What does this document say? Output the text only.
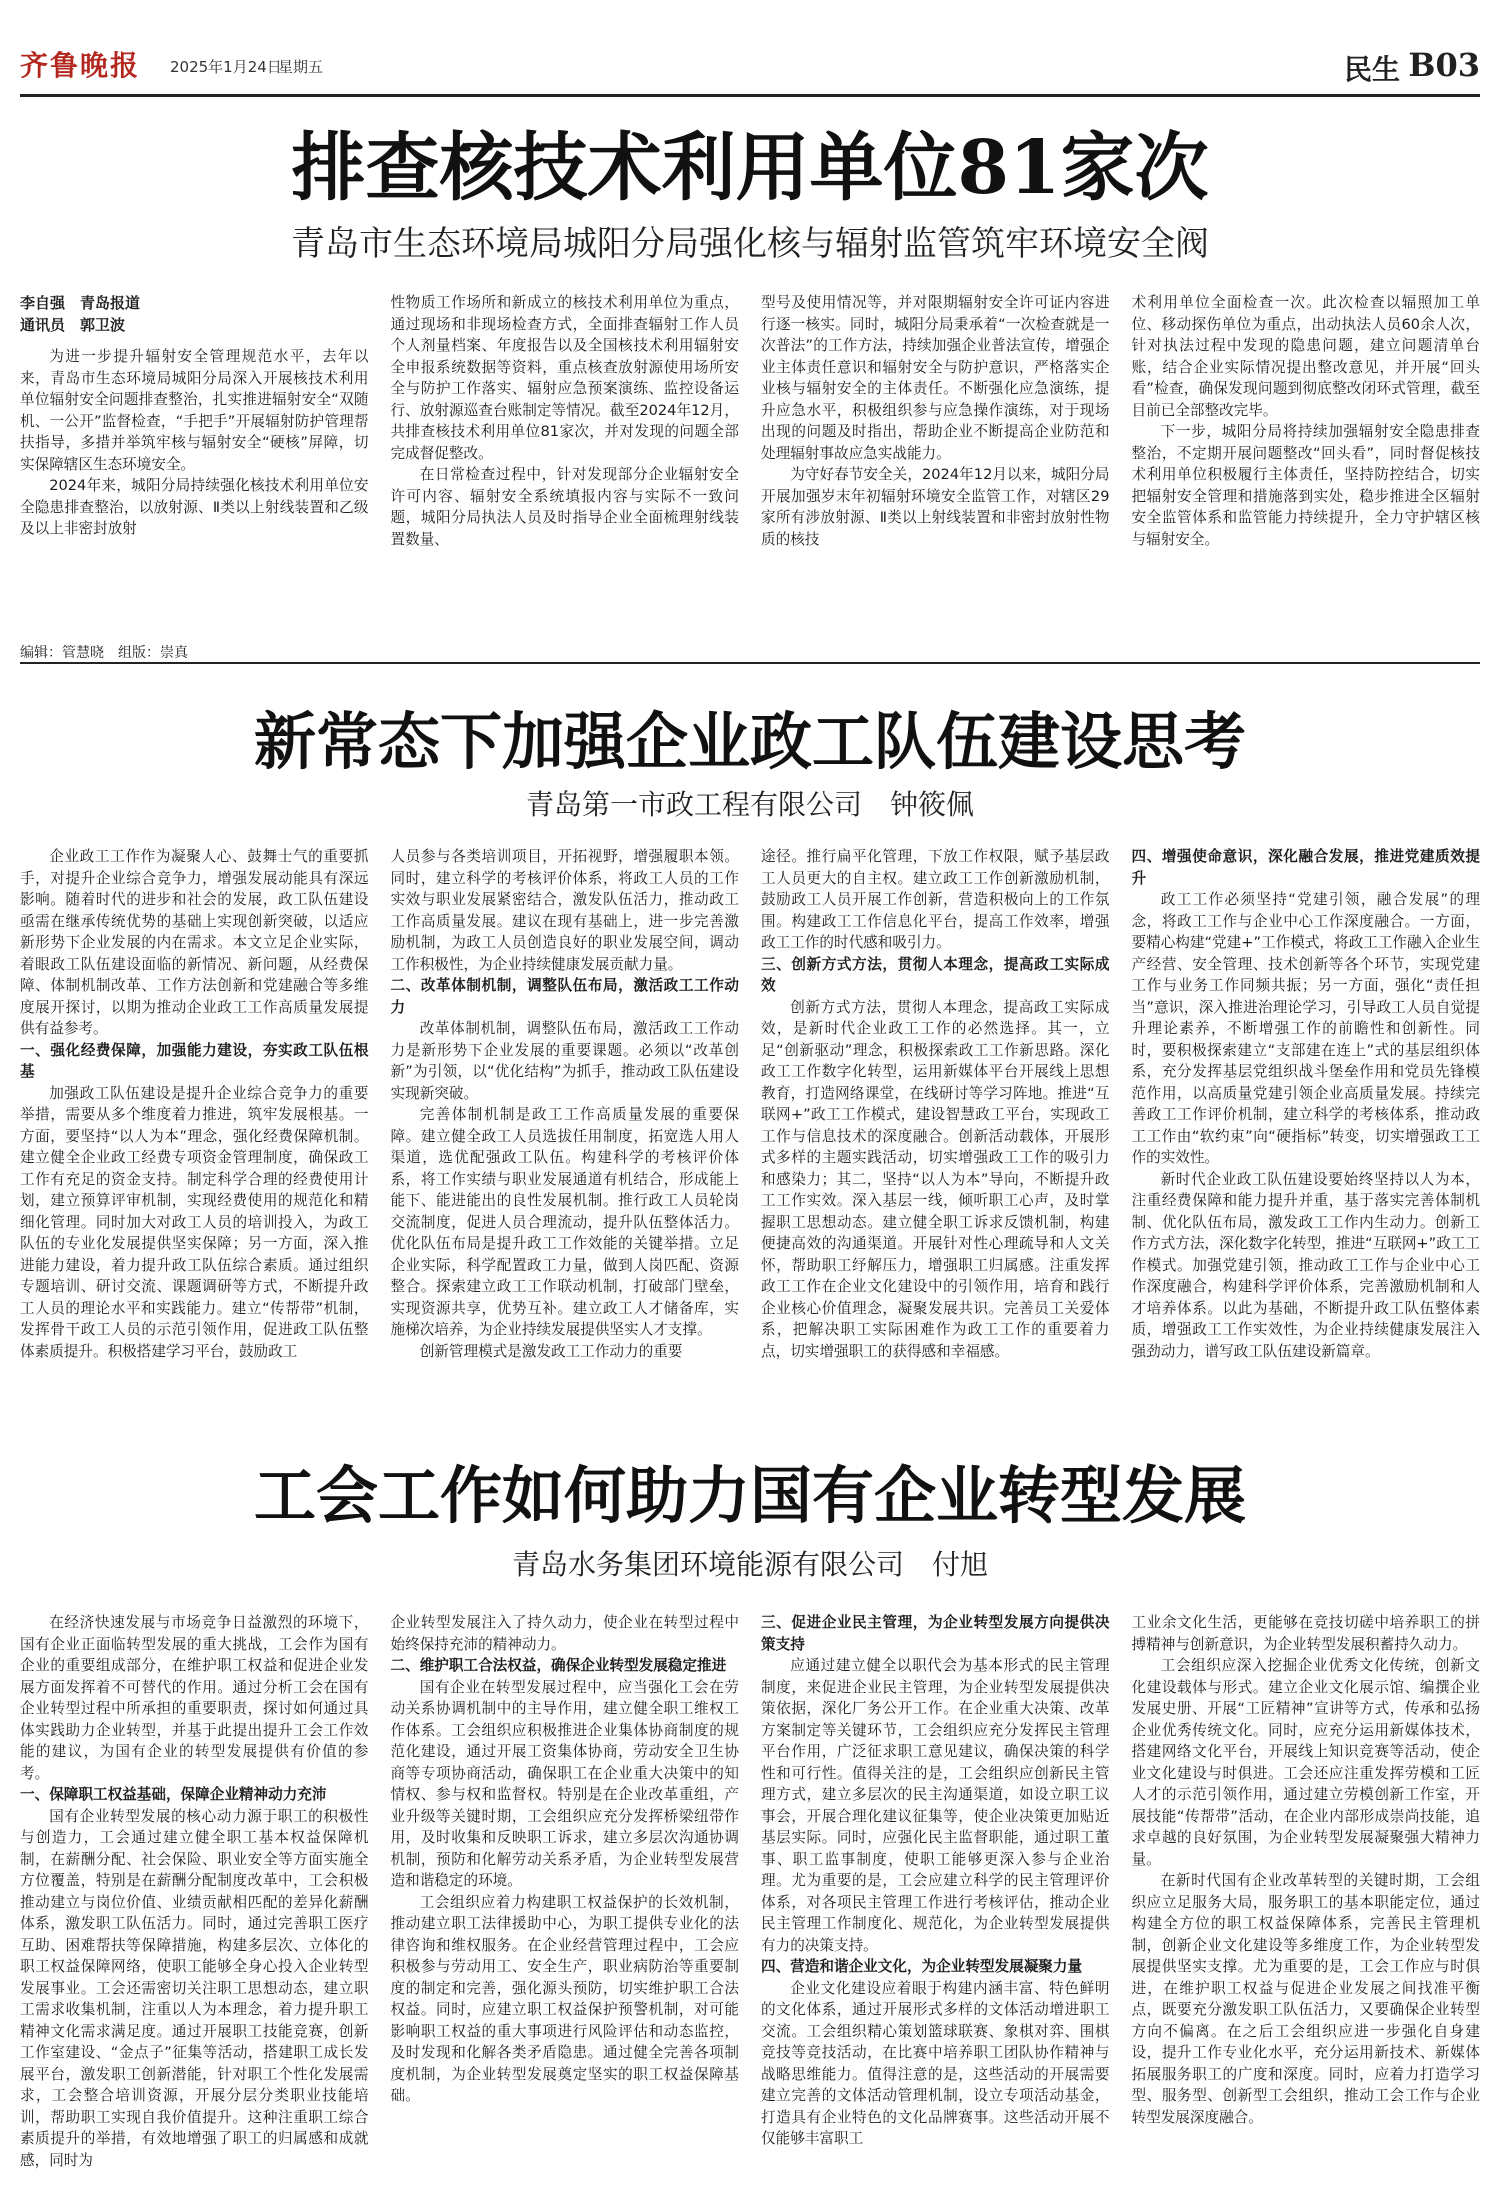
齐鲁晚报 2025年1月24日
星期五	民生 B03
排查核技术利用单位81家次
青岛市生态环境局城阳分局强化核与辐射监管筑牢环境安全阀
李自强　青岛报道
通讯员　郭卫波

为进一步提升辐射安全管理规范水平，去年以来，青岛市生态环境局城阳分局深入开展核技术利用单位辐射安全问题排查整治，扎实推进辐射安全“双随机、一公开”监督检查，“手把手”开展辐射防护管理帮扶指导，多措并举筑牢核与辐射安全“硬核”屏障，切实保障辖区生态环境安全。

2024年来，城阳分局持续强化核技术利用单位安全隐患排查整治，以放射源、Ⅱ类以上射线装置和乙级及以上非密封放射

性物质工作场所和新成立的核技术利用单位为重点，通过现场和非现场检查方式，全面排查辐射工作人员个人剂量档案、年度报告以及全国核技术利用辐射安全申报系统数据等资料，重点核查放射源使用场所安全与防护工作落实、辐射应急预案演练、监控设备运行、放射源巡查台账制定等情况。截至2024年12月，共排查核技术利用单位81家次，并对发现的问题全部完成督促整改。

在日常检查过程中，针对发现部分企业辐射安全许可内容、辐射安全系统填报内容与实际不一致问题，城阳分局执法人员及时指导企业全面梳理射线装置数量、

型号及使用情况等，并对限期辐射安全许可证内容进行逐一核实。同时，城阳分局秉承着“一次检查就是一次普法”的工作方法，持续加强企业普法宣传，增强企业主体责任意识和辐射安全与防护意识，严格落实企业核与辐射安全的主体责任。不断强化应急演练，提升应急水平，积极组织参与应急操作演练，对于现场出现的问题及时指出，帮助企业不断提高企业防范和处理辐射事故应急实战能力。

为守好春节安全关，2024年12月以来，城阳分局开展加强岁末年初辐射环境安全监管工作，对辖区29家所有涉放射源、Ⅱ类以上射线装置和非密封放射性物质的核技

术利用单位全面检查一次。此次检查以辐照加工单位、移动探伤单位为重点，出动执法人员60余人次，针对执法过程中发现的隐患问题，建立问题清单台账，结合企业实际情况提出整改意见，并开展“回头看”检查，确保发现问题到彻底整改闭环式管理，截至目前已全部整改完毕。

下一步，城阳分局将持续加强辐射安全隐患排查整治，不定期开展问题整改“回头看”，同时督促核技术利用单位积极履行主体责任，坚持防控结合，切实把辐射安全管理和措施落到实处，稳步推进全区辐射安全监管体系和监管能力持续提升，全力守护辖区核与辐射安全。

编辑：管慧晓　组版：崇真
新常态下加强企业政工队伍建设思考
青岛第一市政工程有限公司　钟筱佩

企业政工工作作为凝聚人心、鼓舞士气的重要抓手，对提升企业综合竞争力，增强发展动能具有深远影响。随着时代的进步和社会的发展，政工队伍建设亟需在继承传统优势的基础上实现创新突破，以适应新形势下企业发展的内在需求。本文立足企业实际，着眼政工队伍建设面临的新情况、新问题，从经费保障、体制机制改革、工作方法创新和党建融合等多维度展开探讨，以期为推动企业政工工作高质量发展提供有益参考。

一、强化经费保障，加强能力建设，夯实政工队伍根基

加强政工队伍建设是提升企业综合竞争力的重要举措，需要从多个维度着力推进，筑牢发展根基。一方面，要坚持“以人为本”理念，强化经费保障机制。建立健全企业政工经费专项资金管理制度，确保政工工作有充足的资金支持。制定科学合理的经费使用计划，建立预算评审机制，实现经费使用的规范化和精细化管理。同时加大对政工人员的培训投入，为政工队伍的专业化发展提供坚实保障；另一方面，深入推进能力建设，着力提升政工队伍综合素质。通过组织专题培训、研讨交流、课题调研等方式，不断提升政工人员的理论水平和实践能力。建立“传帮带”机制，发挥骨干政工人员的示范引领作用，促进政工队伍整体素质提升。积极搭建学习平台，鼓励政工

人员参与各类培训项目，开拓视野，增强履职本领。同时，建立科学的考核评价体系，将政工人员的工作实效与职业发展紧密结合，激发队伍活力，推动政工工作高质量发展。建议在现有基础上，进一步完善激励机制，为政工人员创造良好的职业发展空间，调动工作积极性，为企业持续健康发展贡献力量。

二、改革体制机制，调整队伍布局，激活政工工作动力

改革体制机制，调整队伍布局，激活政工工作动力是新形势下企业发展的重要课题。必须以“改革创新”为引领，以“优化结构”为抓手，推动政工队伍建设实现新突破。

完善体制机制是政工工作高质量发展的重要保障。建立健全政工人员选拔任用制度，拓宽选人用人渠道，选优配强政工队伍。构建科学的考核评价体系，将工作实绩与职业发展通道有机结合，形成能上能下、能进能出的良性发展机制。推行政工人员轮岗交流制度，促进人员合理流动，提升队伍整体活力。优化队伍布局是提升政工工作效能的关键举措。立足企业实际，科学配置政工力量，做到人岗匹配、资源整合。探索建立政工工作联动机制，打破部门壁垒，实现资源共享，优势互补。建立政工人才储备库，实施梯次培养，为企业持续发展提供坚实人才支撑。

创新管理模式是激发政工工作动力的重要

途径。推行扁平化管理，下放工作权限，赋予基层政工人员更大的自主权。建立政工工作创新激励机制，鼓励政工人员开展工作创新，营造积极向上的工作氛围。构建政工工作信息化平台，提高工作效率，增强政工工作的时代感和吸引力。

三、创新方式方法，贯彻人本理念，提高政工实际成效

创新方式方法，贯彻人本理念，提高政工实际成效，是新时代企业政工工作的必然选择。其一，立足“创新驱动”理念，积极探索政工工作新思路。深化政工工作数字化转型，运用新媒体平台开展线上思想教育，打造网络课堂，在线研讨等学习阵地。推进“互联网+”政工工作模式，建设智慧政工平台，实现政工工作与信息技术的深度融合。创新活动载体，开展形式多样的主题实践活动，切实增强政工工作的吸引力和感染力；其二，坚持“以人为本”导向，不断提升政工工作实效。深入基层一线，倾听职工心声，及时掌握职工思想动态。建立健全职工诉求反馈机制，构建便捷高效的沟通渠道。开展针对性心理疏导和人文关怀，帮助职工纾解压力，增强职工归属感。注重发挥政工工作在企业文化建设中的引领作用，培育和践行企业核心价值理念，凝聚发展共识。完善员工关爱体系，把解决职工实际困难作为政工工作的重要着力点，切实增强职工的获得感和幸福感。

四、增强使命意识，深化融合发展，推进党建质效提升

政工工作必须坚持“党建引领，融合发展”的理念，将政工工作与企业中心工作深度融合。一方面，要精心构建“党建+”工作模式，将政工工作融入企业生产经营、安全管理、技术创新等各个环节，实现党建工作与业务工作同频共振；另一方面，强化“责任担当”意识，深入推进治理论学习，引导政工人员自觉提升理论素养，不断增强工作的前瞻性和创新性。同时，要积极探索建立“支部建在连上”式的基层组织体系，充分发挥基层党组织战斗堡垒作用和党员先锋模范作用，以高质量党建引领企业高质量发展。持续完善政工工作评价机制，建立科学的考核体系，推动政工工作由“软约束”向“硬指标”转变，切实增强政工工作的实效性。

新时代企业政工队伍建设要始终坚持以人为本，注重经费保障和能力提升并重，基于落实完善体制机制、优化队伍布局，激发政工工作内生动力。创新工作方式方法，深化数字化转型，推进“互联网+”政工工作模式。加强党建引领，推动政工工作与企业中心工作深度融合，构建科学评价体系，完善激励机制和人才培养体系。以此为基础，不断提升政工队伍整体素质，增强政工工作实效性，为企业持续健康发展注入强劲动力，谱写政工队伍建设新篇章。

在经济快速发展与市场竞争日益激烈的环境下，国有企业正面临转型发展的重大挑战，工会作为国有企业的重要组成部分，在维护职工权益和促进企业发展方面发挥着不可替代的作用。通过分析工会在国有企业转型过程中所承担的重要职责，探讨如何通过具体实践助力企业转型，并基于此提出提升工会工作效能的建议，为国有企业的转型发展提供有价值的参考。

一、保障职工权益基础，保障企业精神动力充沛

国有企业转型发展的核心动力源于职工的积极性与创造力，工会通过建立健全职工基本权益保障机制，在薪酬分配、社会保险、职业安全等方面实施全方位覆盖，特别是在薪酬分配制度改革中，工会积极推动建立与岗位价值、业绩贡献相匹配的差异化薪酬体系，激发职工队伍活力。同时，通过完善职工医疗互助、困难帮扶等保障措施，构建多层次、立体化的职工权益保障网络，使职工能够全身心投入企业转型发展事业。工会还需密切关注职工思想动态，建立职工需求收集机制，注重以人为本理念，着力提升职工精神文化需求满足度。通过开展职工技能竞赛，创新工作室建设、“金点子”征集等活动，搭建职工成长发展平台，激发职工创新潜能，针对职工个性化发展需求，工会整合培训资源，开展分层分类职业技能培训，帮助职工实现自我价值提升。这种注重职工综合素质提升的举措，有效地增强了职工的归属感和成就感，同时为

企业转型发展注入了持久动力，使企业在转型过程中始终保持充沛的精神动力。

二、维护职工合法权益，确保企业转型发展稳定推进

国有企业在转型发展过程中，应当强化工会在劳动关系协调机制中的主导作用，建立健全职工维权工作体系。工会组织应积极推进企业集体协商制度的规范化建设，通过开展工资集体协商，劳动安全卫生协商等专项协商活动，确保职工在企业重大决策中的知情权、参与权和监督权。特别是在企业改革重组，产业升级等关键时期，工会组织应充分发挥桥梁纽带作用，及时收集和反映职工诉求，建立多层次沟通协调机制，预防和化解劳动关系矛盾，为企业转型发展营造和谐稳定的环境。

工会组织应着力构建职工权益保护的长效机制，推动建立职工法律援助中心，为职工提供专业化的法律咨询和维权服务。在企业经营管理过程中，工会应积极参与劳动用工、安全生产，职业病防治等重要制度的制定和完善，强化源头预防，切实维护职工合法权益。同时，应建立职工权益保护预警机制，对可能影响职工权益的重大事项进行风险评估和动态监控，及时发现和化解各类矛盾隐患。通过健全完善各项制度机制，为企业转型发展奠定坚实的职工权益保障基础。

三、促进企业民主管理，为企业转型发展方向提供决策支持

应通过建立健全以职代会为基本形式的民主管理制度，来促进企业民主管理，为企业转型发展提供决策依据，深化厂务公开工作。在企业重大决策、改革方案制定等关键环节，工会组织应充分发挥民主管理平台作用，广泛征求职工意见建议，确保决策的科学性和可行性。值得关注的是，工会组织应创新民主管理方式，建立多层次的民主沟通渠道，如设立职工议事会，开展合理化建议征集等，使企业决策更加贴近基层实际。同时，应强化民主监督职能，通过职工董事、职工监事制度，使职工能够更深入参与企业治理。尤为重要的是，工会应建立科学的民主管理评价体系，对各项民主管理工作进行考核评估，推动企业民主管理工作制度化、规范化，为企业转型发展提供有力的决策支持。

四、营造和谐企业文化，为企业转型发展凝聚力量

企业文化建设应着眼于构建内涵丰富、特色鲜明的文化体系，通过开展形式多样的文体活动增进职工交流。工会组织精心策划篮球联赛、象棋对弈、围棋竞技等竞技活动，在比赛中培养职工团队协作精神与战略思维能力。值得注意的是，这些活动的开展需要建立完善的文体活动管理机制，设立专项活动基金，打造具有企业特色的文化品牌赛事。这些活动开展不仅能够丰富职工

工业余文化生活，更能够在竞技切磋中培养职工的拼搏精神与创新意识，为企业转型发展积蓄持久动力。

工会组织应深入挖掘企业优秀文化传统，创新文化建设载体与形式。建立企业文化展示馆、编撰企业发展史册、开展“工匠精神”宣讲等方式，传承和弘扬企业优秀传统文化。同时，应充分运用新媒体技术，搭建网络文化平台，开展线上知识竞赛等活动，使企业文化建设与时俱进。工会还应注重发挥劳模和工匠人才的示范引领作用，通过建立劳模创新工作室，开展技能“传帮带”活动，在企业内部形成崇尚技能，追求卓越的良好氛围，为企业转型发展凝聚强大精神力量。

在新时代国有企业改革转型的关键时期，工会组织应立足服务大局，服务职工的基本职能定位，通过构建全方位的职工权益保障体系，完善民主管理机制，创新企业文化建设等多维度工作，为企业转型发展提供坚实支撑。尤为重要的是，工会工作应与时俱进，在维护职工权益与促进企业发展之间找准平衡点，既要充分激发职工队伍活力，又要确保企业转型方向不偏离。在之后工会组织应进一步强化自身建设，提升工作专业化水平，充分运用新技术、新媒体拓展服务职工的广度和深度。同时，应着力打造学习型、服务型、创新型工会组织，推动工会工作与企业转型发展深度融合。

工会工作如何助力国有企业转型发展
青岛水务集团环境能源有限公司　付旭
